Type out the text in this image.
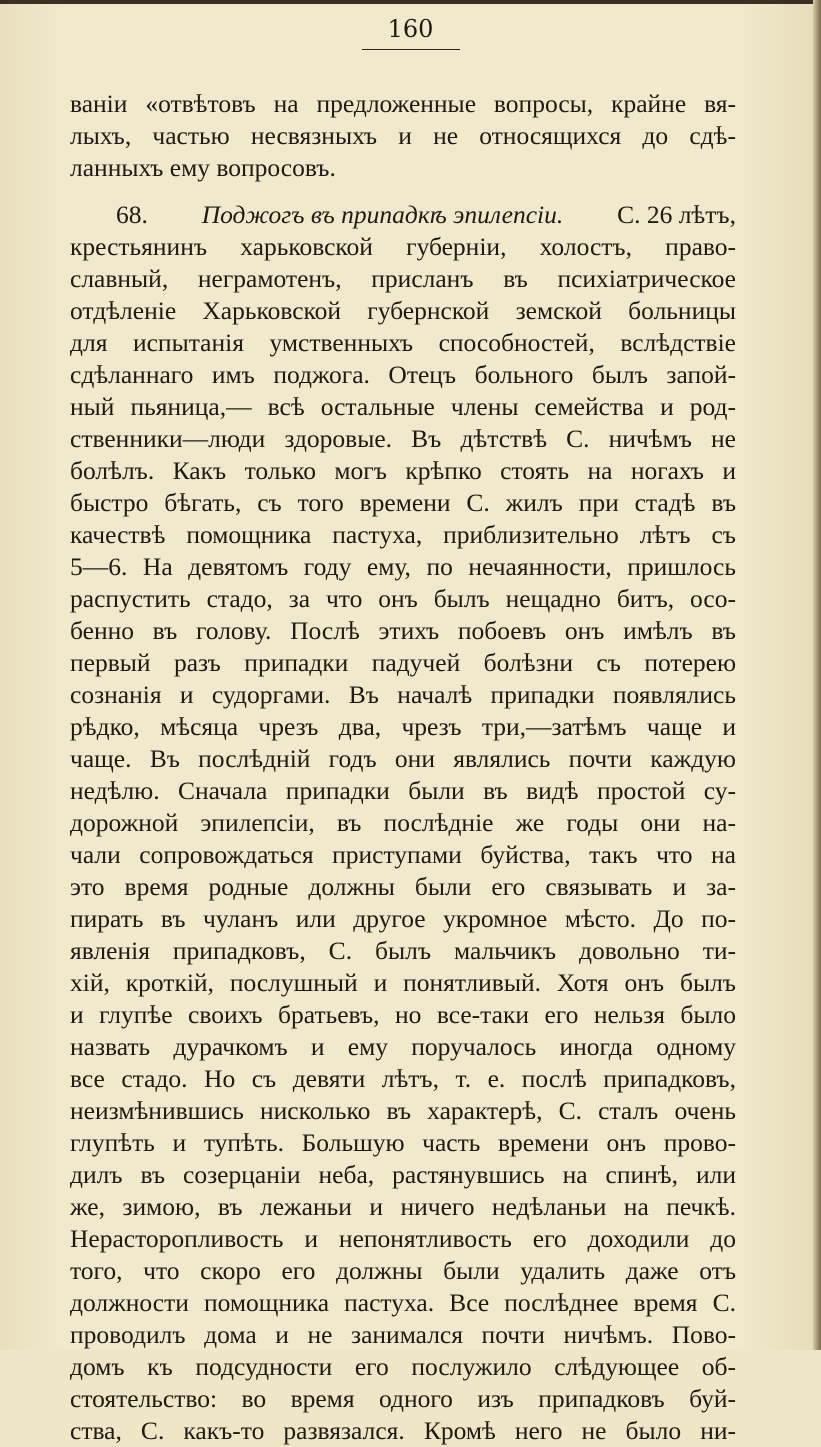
160
ванiи «отвѣтовъ на предложенные вопросы, крайне вя-
лыхъ, частью несвязныхъ и не относящихся до сдѣ-
ланныхъ ему вопросовъ.
68. Поджогъ въ припадкѣ эпилепсiи. С. 26 лѣтъ,
крестьянинъ харьковской губернiи, холостъ, право-
славный, неграмотенъ, присланъ въ психiатрическое
отдѣленiе Харьковской губернской земской больницы
для испытанiя умственныхъ способностей, вслѣдствiе
сдѣланнаго имъ поджога. Отецъ больного былъ запой-
ный пьяница,— всѣ остальные члены семейства и род-
ственники—люди здоровые. Въ дѣтствѣ С. ничѣмъ не
болѣлъ. Какъ только могъ крѣпко стоять на ногахъ и
быстро бѣгать, съ того времени С. жилъ при стадѣ въ
качествѣ помощника пастуха, приблизительно лѣтъ съ
5—6. На девятомъ году ему, по нечаянности, пришлось
распустить стадо, за что онъ былъ нещадно битъ, осо-
бенно въ голову. Послѣ этихъ побоевъ онъ имѣлъ въ
первый разъ припадки падучей болѣзни съ потерею
сознанiя и судоргами. Въ началѣ припадки появлялись
рѣдко, мѣсяца чрезъ два, чрезъ три,—затѣмъ чаще и
чаще. Въ послѣднiй годъ они являлись почти каждую
недѣлю. Сначала припадки были въ видѣ простой су-
дорожной эпилепсiи, въ послѣднiе же годы они на-
чали сопровождаться приступами буйства, такъ что на
это время родные должны были его связывать и за-
пирать въ чуланъ или другое укромное мѣсто. До по-
явленiя припадковъ, С. былъ мальчикъ довольно ти-
хiй, кроткiй, послушный и понятливый. Хотя онъ былъ
и глупѣе своихъ братьевъ, но все-таки его нельзя было
назвать дурачкомъ и ему поручалось иногда одному
все стадо. Но съ девяти лѣтъ, т. е. послѣ припадковъ,
неизмѣнившись нисколько въ характерѣ, С. сталъ очень
глупѣть и тупѣть. Большую часть времени онъ прово-
дилъ въ созерцанiи неба, растянувшись на спинѣ, или
же, зимою, въ лежаньи и ничего недѣланьи на печкѣ.
Нерасторопливость и непонятливость его доходили до
того, что скоро его должны были удалить даже отъ
должности помощника пастуха. Все послѣднее время С.
проводилъ дома и не занимался почти ничѣмъ. Пово-
домъ къ подсудности его послужило слѣдующее об-
стоятельство: во время одного изъ припадковъ буй-
ства, С. какъ-то развязался. Кромѣ него не было ни-
